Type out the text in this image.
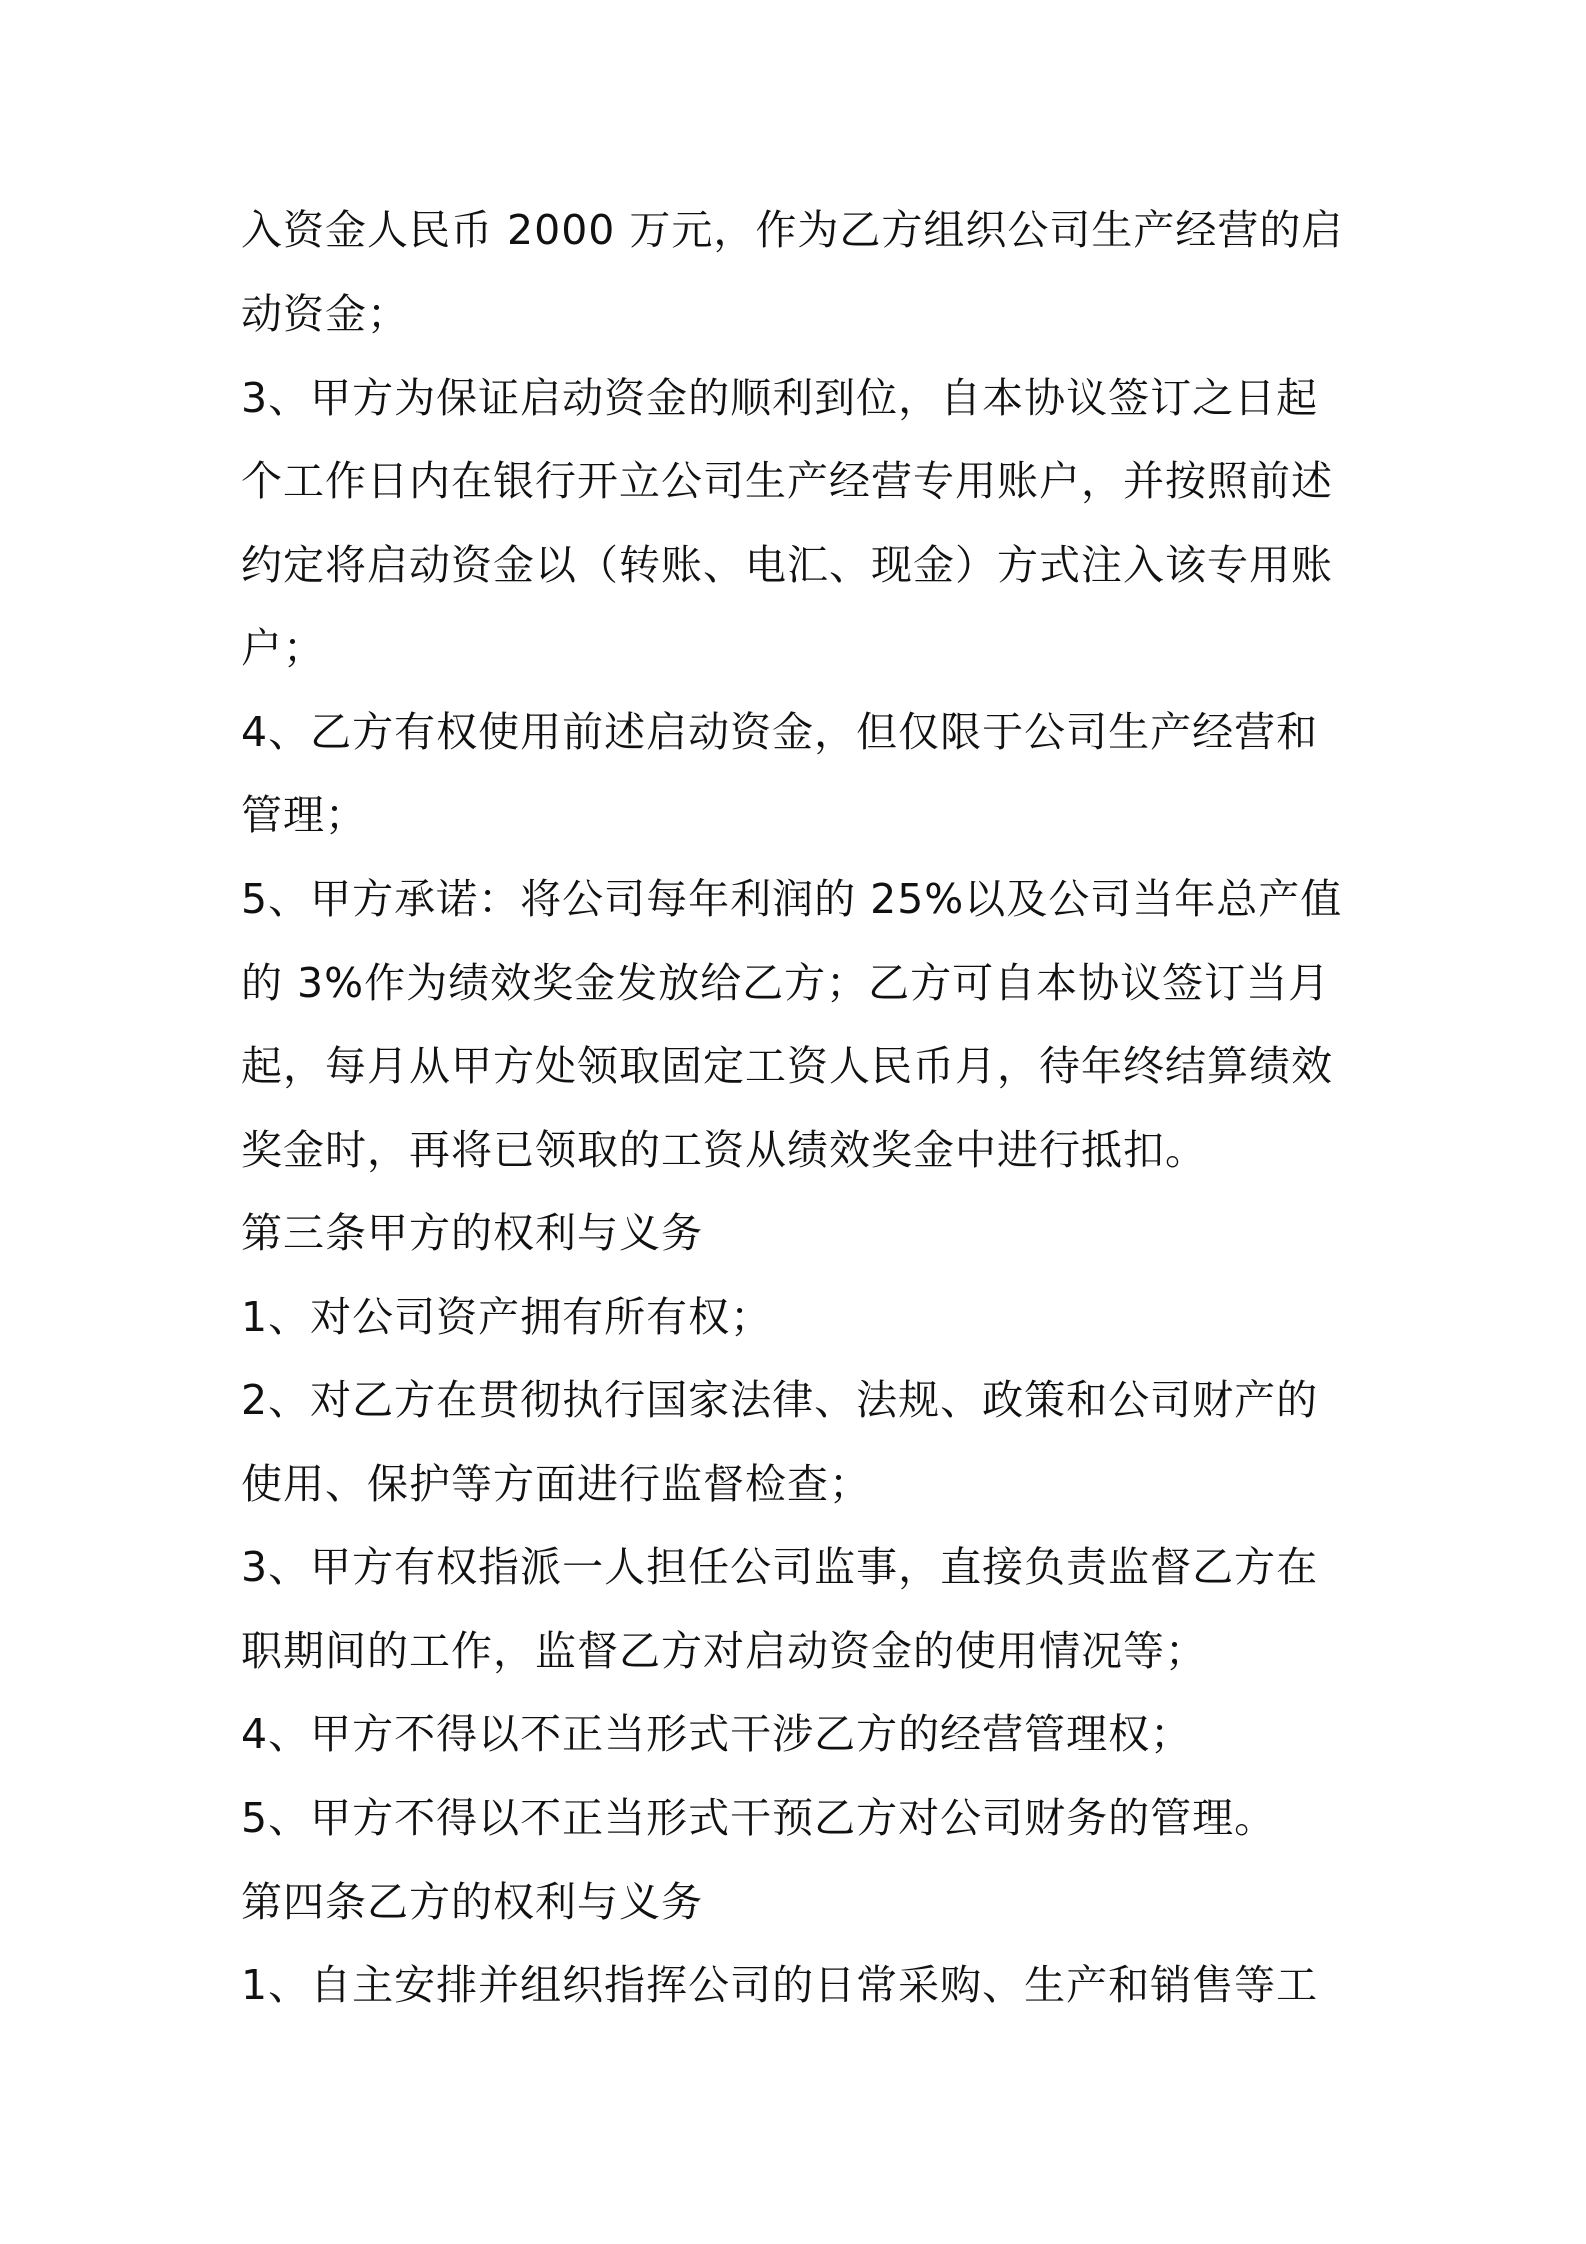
入资金人民币 2000 万元，作为乙方组织公司生产经营的启
动资金；
3、甲方为保证启动资金的顺利到位，自本协议签订之日起
个工作日内在银行开立公司生产经营专用账户，并按照前述
约定将启动资金以（转账、电汇、现金）方式注入该专用账
户；
4、乙方有权使用前述启动资金，但仅限于公司生产经营和
管理；
5、甲方承诺：将公司每年利润的 25%以及公司当年总产值
的 3%作为绩效奖金发放给乙方；乙方可自本协议签订当月
起，每月从甲方处领取固定工资人民币月，待年终结算绩效
奖金时，再将已领取的工资从绩效奖金中进行抵扣。
第三条甲方的权利与义务
1、对公司资产拥有所有权；
2、对乙方在贯彻执行国家法律、法规、政策和公司财产的
使用、保护等方面进行监督检查；
3、甲方有权指派一人担任公司监事，直接负责监督乙方在
职期间的工作，监督乙方对启动资金的使用情况等；
4、甲方不得以不正当形式干涉乙方的经营管理权；
5、甲方不得以不正当形式干预乙方对公司财务的管理。
第四条乙方的权利与义务
1、自主安排并组织指挥公司的日常采购、生产和销售等工
